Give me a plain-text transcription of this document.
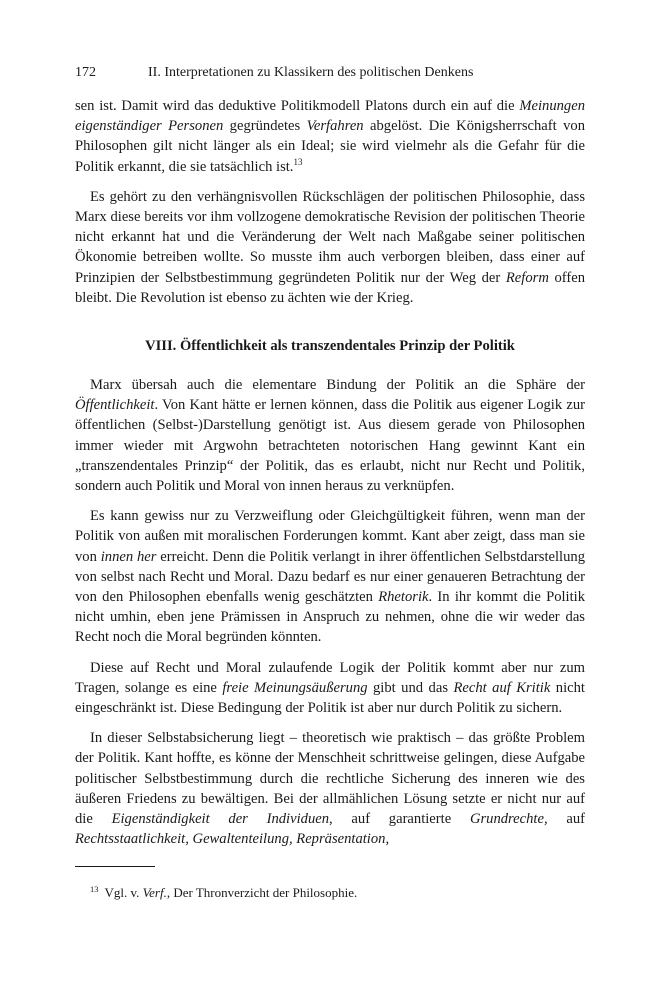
172	II. Interpretationen zu Klassikern des politischen Denkens

sen ist. Damit wird das deduktive Politikmodell Platons durch ein auf die Meinungen eigenständiger Personen gegründetes Verfahren abgelöst. Die Königsherrschaft von Philosophen gilt nicht länger als ein Ideal; sie wird vielmehr als die Gefahr für die Politik erkannt, die sie tatsächlich ist.$^{13}$

Es gehört zu den verhängnisvollen Rückschlägen der politischen Philosophie, dass Marx diese bereits vor ihm vollzogene demokratische Revision der politischen Theorie nicht erkannt hat und die Veränderung der Welt nach Maßgabe seiner politischen Ökonomie betreiben wollte. So musste ihm auch verborgen bleiben, dass einer auf Prinzipien der Selbstbestimmung gegründeten Politik nur der Weg der Reform offen bleibt. Die Revolution ist ebenso zu ächten wie der Krieg.

VIII. Öffentlichkeit als transzendentales Prinzip der Politik

Marx übersah auch die elementare Bindung der Politik an die Sphäre der Öffentlichkeit. Von Kant hätte er lernen können, dass die Politik aus eigener Logik zur öffentlichen (Selbst-)Darstellung genötigt ist. Aus diesem gerade von Philosophen immer wieder mit Argwohn betrachteten notorischen Hang gewinnt Kant ein „transzendentales Prinzip“ der Politik, das es erlaubt, nicht nur Recht und Politik, sondern auch Politik und Moral von innen heraus zu verknüpfen.

Es kann gewiss nur zu Verzweiflung oder Gleichgültigkeit führen, wenn man der Politik von außen mit moralischen Forderungen kommt. Kant aber zeigt, dass man sie von innen her erreicht. Denn die Politik verlangt in ihrer öffentlichen Selbstdarstellung von selbst nach Recht und Moral. Dazu bedarf es nur einer genaueren Betrachtung der von den Philosophen ebenfalls wenig geschätzten Rhetorik. In ihr kommt die Politik nicht umhin, eben jene Prämissen in Anspruch zu nehmen, ohne die wir weder das Recht noch die Moral begründen könnten.

Diese auf Recht und Moral zulaufende Logik der Politik kommt aber nur zum Tragen, solange es eine freie Meinungsäußerung gibt und das Recht auf Kritik nicht eingeschränkt ist. Diese Bedingung der Politik ist aber nur durch Politik zu sichern.

In dieser Selbstabsicherung liegt – theoretisch wie praktisch – das größte Problem der Politik. Kant hoffte, es könne der Menschheit schrittweise gelingen, diese Aufgabe politischer Selbstbestimmung durch die rechtliche Sicherung des inneren wie des äußeren Friedens zu bewältigen. Bei der allmählichen Lösung setzte er nicht nur auf die Eigenständigkeit der Individuen, auf garantierte Grundrechte, auf Rechtsstaatlichkeit, Gewaltenteilung, Repräsentation,

$^{13}$ Vgl. v. Verf., Der Thronverzicht der Philosophie.
